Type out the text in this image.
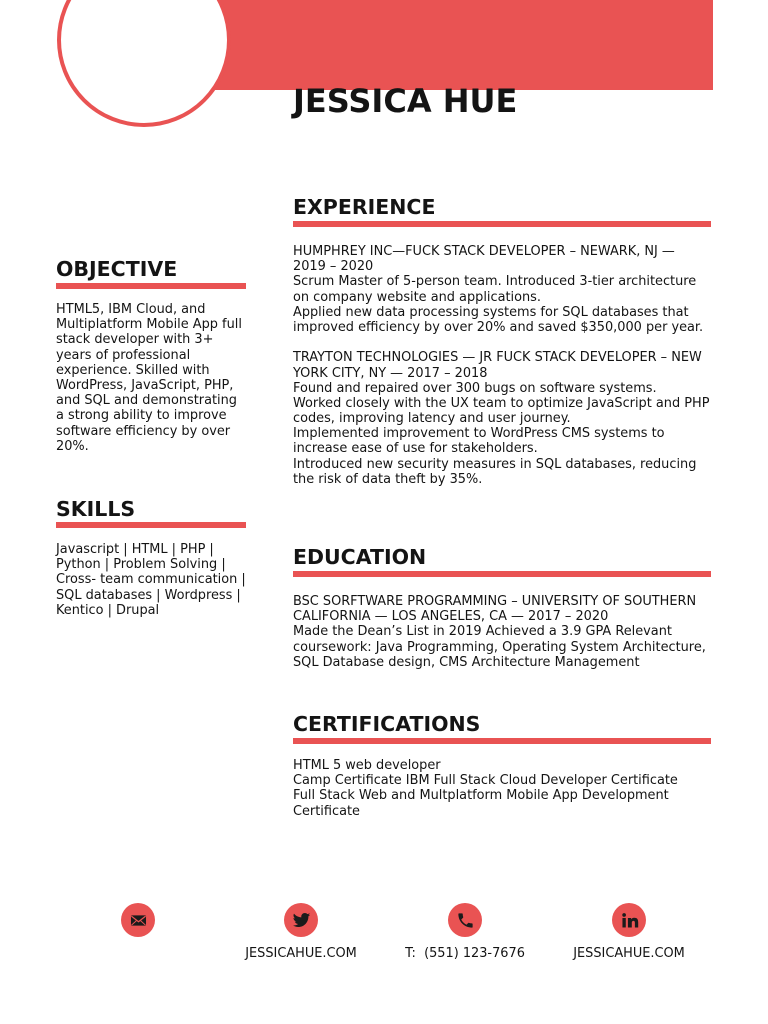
JESSICA HUE
EXPERIENCE
HUMPHREY INC—FUCK STACK DEVELOPER – NEWARK, NJ —
2019 – 2020
Scrum Master of 5-person team. Introduced 3-tier architecture
on company website and applications.
Applied new data processing systems for SQL databases that
improved efficiency by over 20% and saved $350,000 per year.
TRAYTON TECHNOLOGIES — JR FUCK STACK DEVELOPER – NEW
YORK CITY, NY — 2017 – 2018
Found and repaired over 300 bugs on software systems.
Worked closely with the UX team to optimize JavaScript and PHP
codes, improving latency and user journey.
Implemented improvement to WordPress CMS systems to
increase ease of use for stakeholders.
Introduced new security measures in SQL databases, reducing
the risk of data theft by 35%.
OBJECTIVE
HTML5, IBM Cloud, and
Multiplatform Mobile App full
stack developer with 3+
years of professional
experience. Skilled with
WordPress, JavaScript, PHP,
and SQL and demonstrating
a strong ability to improve
software efficiency by over
20%.
SKILLS
Javascript | HTML | PHP |
Python | Problem Solving |
Cross- team communication |
SQL databases | Wordpress |
Kentico | Drupal
EDUCATION
BSC SORFTWARE PROGRAMMING – UNIVERSITY OF SOUTHERN
CALIFORNIA — LOS ANGELES, CA — 2017 – 2020
Made the Dean’s List in 2019 Achieved a 3.9 GPA Relevant
coursework: Java Programming, Operating System Architecture,
SQL Database design, CMS Architecture Management
CERTIFICATIONS
HTML 5 web developer
Camp Certificate IBM Full Stack Cloud Developer Certificate
Full Stack Web and Multplatform Mobile App Development
Certificate
JESSICAHUE.COM	T:  (551) 123-7676	JESSICAHUE.COM
